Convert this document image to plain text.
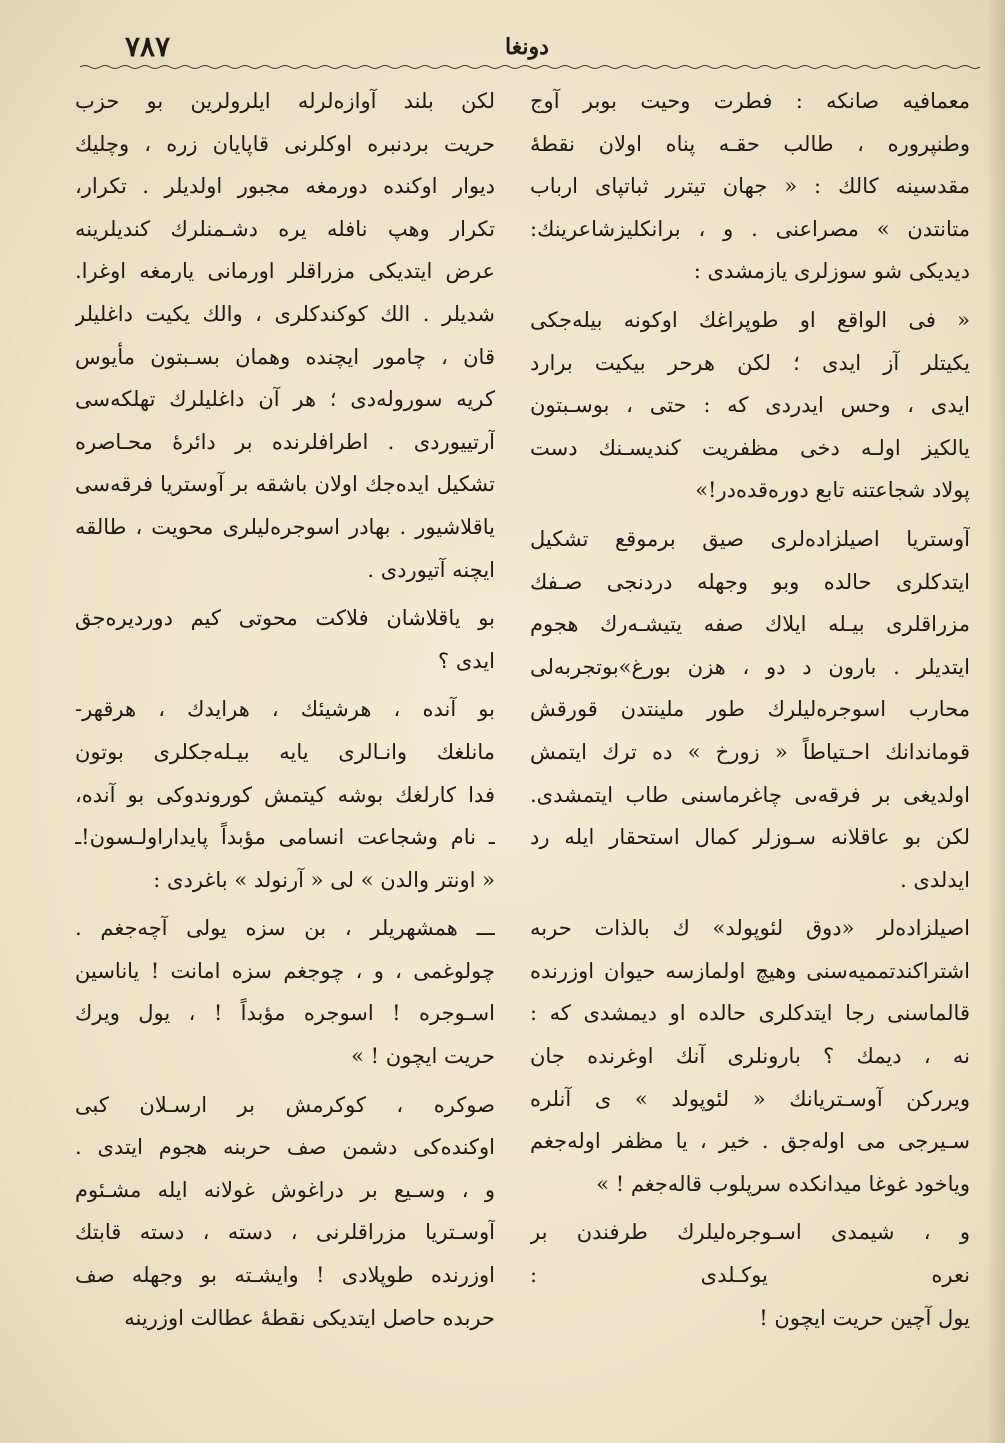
٧٨٧	دونغا
معمافيه صانكه : فطرت وحيت بوبر آوج
وطنپروره ، طالب حقـه پناه اولان نقطهٔ
مقدسينه كالك : « جهان تيترر ثباتپاى ارباب
متانتدن » مصراعنى . و ، برانكليزشاعرينك:
ديديكى شو سوزلرى يازمشدى :
« فى الواقع او طوپراغك اوكونه بيله‌جكى
يكيتلر آز ايدى ؛ لكن هرحر بيكيت برارد
ايدى ، وحس ايدردى كه : حتى ، بوسـبتون
يالكيز اولـه دخى مظفريت كنديسـنك دست
پولاد شجاعتنه تابع دوره‌قده‌در!»
آوستريا اصيلزاده‌لرى صيق برموقع تشكيل
ايتدكلرى حالده وبو وجهله دردنجى صـفك
مزراقلرى بيـله ايلاك صفه يتيشـه‌رك هجوم
ايتديلر . بارون د دو ، هزن بورغ»بوتجربه‌لى
محارب اسوجره‌ليلرك طور ملينتدن قورقش
قوماندانك احـتياطاً « زورخ » ده ترك ايتمش
اولديغى بر فرقه‌ىى چاغرماسنى طاب ايتمشدى.
لكن بو عاقلانه سـوزلر كمال استحقار ايله رد
ايدلدى .
اصيلزاده‌لر «دوق لئوپولد» ك بالذات حربه
اشتراكندتمميه‌سنى وهيچ اولمازسه حيوان اوزرنده
قالماسنى رجا ايتدكلرى حالده او ديمشدى كه :
نه ، ديمك ؟ بارونلرى آنك اوغرنده جان
ويرركن آوسـتريانك « لئوپولد » ى آنلره
سـيرجى مى اوله‌جق . خير ، يا مظفر اوله‌جغم
وياخود غوغا ميدانكده سرپلوب قاله‌جغم ! »
و ، شيمدى اسـوجره‌ليلرك طرفندن بر
نعره يوكـلدى :
يول آچين حريت ايچون !
لكن بلند آوازه‌لرله ايلرولرين بو حزب
حريت بردنبره اوكلرنى قاپايان زره ، وچليك
ديوار اوكنده دورمغه مجبور اولديلر . تكرار،
تكرار وهپ نافله يره دشـمنلرك كنديلرينه
عرض ايتديكى مزراقلر اورمانى يارمغه اوغرا.
شديلر . الك كوكندكلرى ، والك يكيت داغليلر
قان ، چامور ايچنده وهمان بسـبتون مأيوس
كريه سوروله‌دى ؛ هر آن داغليلرك تهلكه‌سى
آرتييوردى . اطرافلرنده بر دائرهٔ محـاصره
تشكيل ايده‌جك اولان باشقه بر آوستريا فرقه‌سى
ياقلاشيور . بهادر اسوجره‌ليلرى محويت ، طالقه
ايچنه آتيوردى .
بو ياقلاشان فلاكت محوتى كيم دوردیره‌جق
ايدى ؟
بو آنده ، هرشيئك ، هرايدك ، هرقهر-
مانلغك وانـالرى يايه بيـله‌جكلرى بوتون
فدا كارلغك بوشه كيتمش كوروندوكى بو آنده،
ـ نام وشجاعت انسامى مؤبداً پايداراولـسون!ـ
« اونتر والدن » لى « آرنولد » باغردى :
ـــ همشهريلر ، بن سزه يولى آچه‌جغم .
چولوغمى ، و ، چوجغم سزه امانت ! ياناسين
اسـوجره ! اسوجره مؤبداً ! ، يول ويرك
حريت ايچون ! »
صوكره ، كوكرمش بر ارسـلان كبى
اوكنده‌كى دشمن صف حربنه هجوم ايتدى .
و ، وسـيع بر دراغوش غولانه ايله مشـئوم
آوسـتريا مزراقلرنى ، دسته ، دسته قابتك
اوزرنده طوپلادى ! وايشـته بو وجهله صف
حربده حاصل ايتديكى نقطهٔ عطالت اوزرينه
